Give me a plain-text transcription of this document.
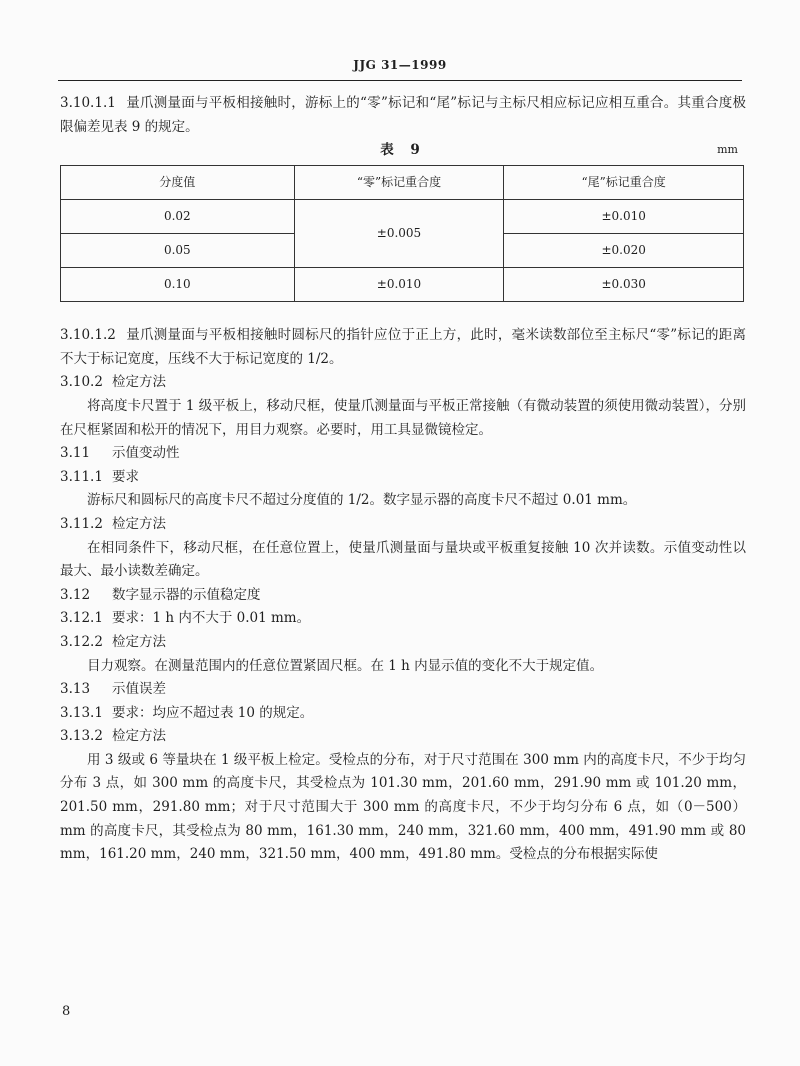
JJG 31—1999

3.10.1.1 量爪测量面与平板相接触时，游标上的“零”标记和“尾”标记与主标尺相应标记应相互重合。其重合度极限偏差见表 9 的规定。

表 9	mm
分度值	“零”标记重合度	“尾”标记重合度
0.02	±0.005	±0.010
0.05		±0.020
0.10	±0.010	±0.030

3.10.1.2 量爪测量面与平板相接触时圆标尺的指针应位于正上方，此时，毫米读数部位至主标尺“零”标记的距离不大于标记宽度，压线不大于标记宽度的 1/2。

3.10.2 检定方法

将高度卡尺置于 1 级平板上，移动尺框，使量爪测量面与平板正常接触（有微动装置的须使用微动装置），分别在尺框紧固和松开的情况下，用目力观察。必要时，用工具显微镜检定。

3.11 示值变动性

3.11.1 要求

游标尺和圆标尺的高度卡尺不超过分度值的 1/2。数字显示器的高度卡尺不超过 0.01 mm。

3.11.2 检定方法

在相同条件下，移动尺框，在任意位置上，使量爪测量面与量块或平板重复接触 10 次并读数。示值变动性以最大、最小读数差确定。

3.12 数字显示器的示值稳定度

3.12.1 要求：1 h 内不大于 0.01 mm。

3.12.2 检定方法

目力观察。在测量范围内的任意位置紧固尺框。在 1 h 内显示值的变化不大于规定值。

3.13 示值误差

3.13.1 要求：均应不超过表 10 的规定。

3.13.2 检定方法

用 3 级或 6 等量块在 1 级平板上检定。受检点的分布，对于尺寸范围在 300 mm 内的高度卡尺，不少于均匀分布 3 点，如 300 mm 的高度卡尺，其受检点为 101.30 mm，201.60 mm，291.90 mm 或 101.20 mm，201.50 mm，291.80 mm；对于尺寸范围大于 300 mm 的高度卡尺，不少于均匀分布 6 点，如（0－500）mm 的高度卡尺，其受检点为 80 mm，161.30 mm，240 mm，321.60 mm，400 mm，491.90 mm 或 80 mm，161.20 mm，240 mm，321.50 mm，400 mm，491.80 mm。受检点的分布根据实际使

8
